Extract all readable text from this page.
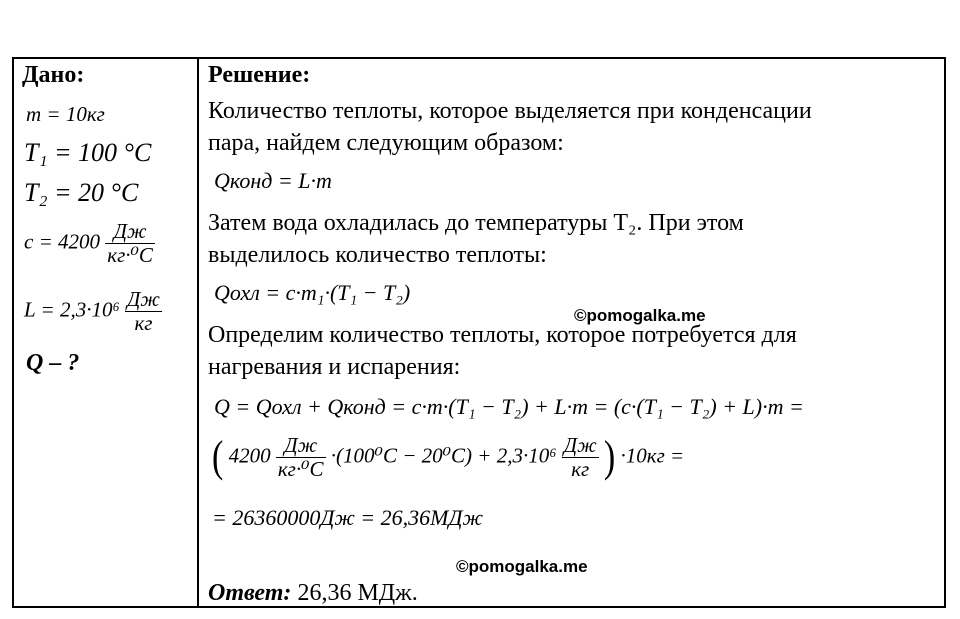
Дано:
m = 10кг
T₁ = 100 °C
T₂ = 20 °C
$c = 4200 \frac{Дж}{\text{кг·⁰C}}$
$L = 2,3\cdot 10^6 \frac{Дж}{кг}$
Q – ?
Решение:
Количество теплоты, которое выделяется при конденсации
пара, найдем следующим образом:
Qконд = L·m
Затем вода охладилась до температуры T₂. При этом
выделилось количество теплоты:
Qохл = c·m₁·(T₁ − T₂)
Определим количество теплоты, которое потребуется для
нагревания и испарения:
Q = Qохл + Qконд = c·m·(T₁ − T₂) + L·m = (c·(T₁ − T₂) + L)·m =
( $4200 \frac{Дж}{\text{кг·⁰C}} \cdot(100^0C - 20^0C) + 2,3\cdot 10^6 \frac{Дж}{кг}$ ) ·10кг =
= 26360000Дж = 26,36МДж
Ответ: 26,36 МДж.
©pomogalka.me
©pomogalka.me
